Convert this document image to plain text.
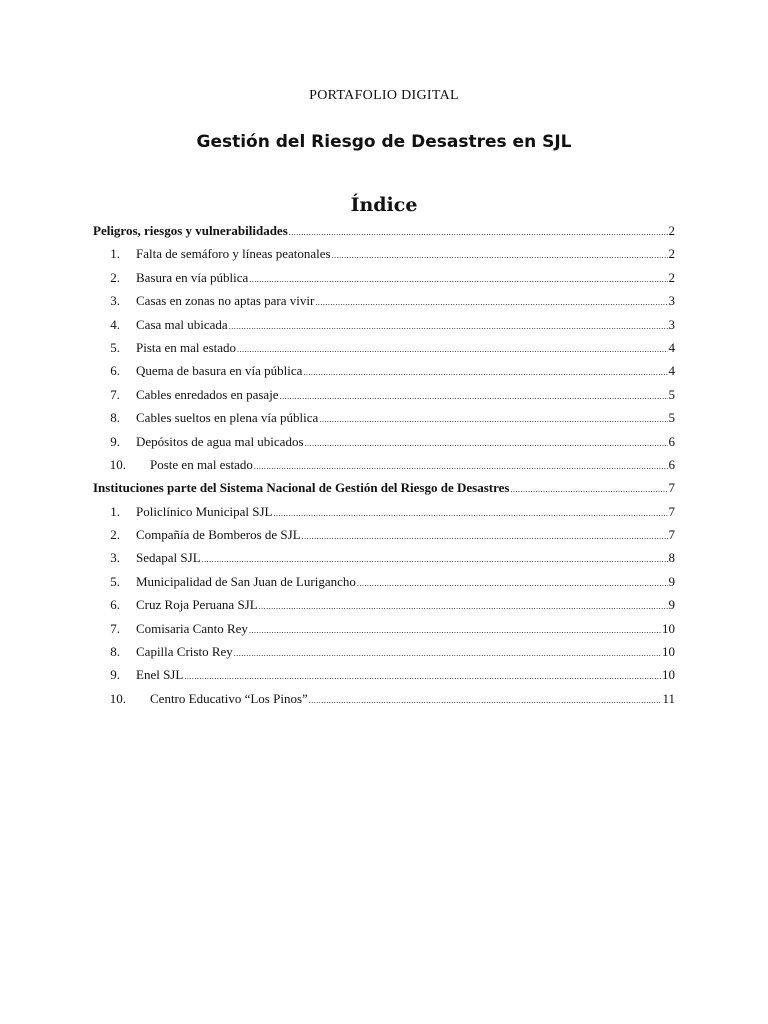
PORTAFOLIO DIGITAL
Gestión del Riesgo de Desastres en SJL
Índice
Peligros, riesgos y vulnerabilidades .....	2
1. Falta de semáforo y líneas peatonales .....	2
2. Basura en vía pública .....	2
3. Casas en zonas no aptas para vivir .....	3
4. Casa mal ubicada .....	3
5. Pista en mal estado .....	4
6. Quema de basura en vía pública .....	4
7. Cables enredados en pasaje .....	5
8. Cables sueltos en plena vía pública .....	5
9. Depósitos de agua mal ubicados .....	6
10. Poste en mal estado .....	6
Instituciones parte del Sistema Nacional de Gestión del Riesgo de Desastres .....	7
1. Policlínico Municipal SJL .....	7
2. Compañía de Bomberos de SJL .....	7
3. Sedapal SJL .....	8
5. Municipalidad de San Juan de Lurigancho .....	9
6. Cruz Roja Peruana SJL .....	9
7. Comisaria Canto Rey .....	10
8. Capilla Cristo Rey .....	10
9. Enel SJL .....	10
10. Centro Educativo “Los Pinos” .....	11
